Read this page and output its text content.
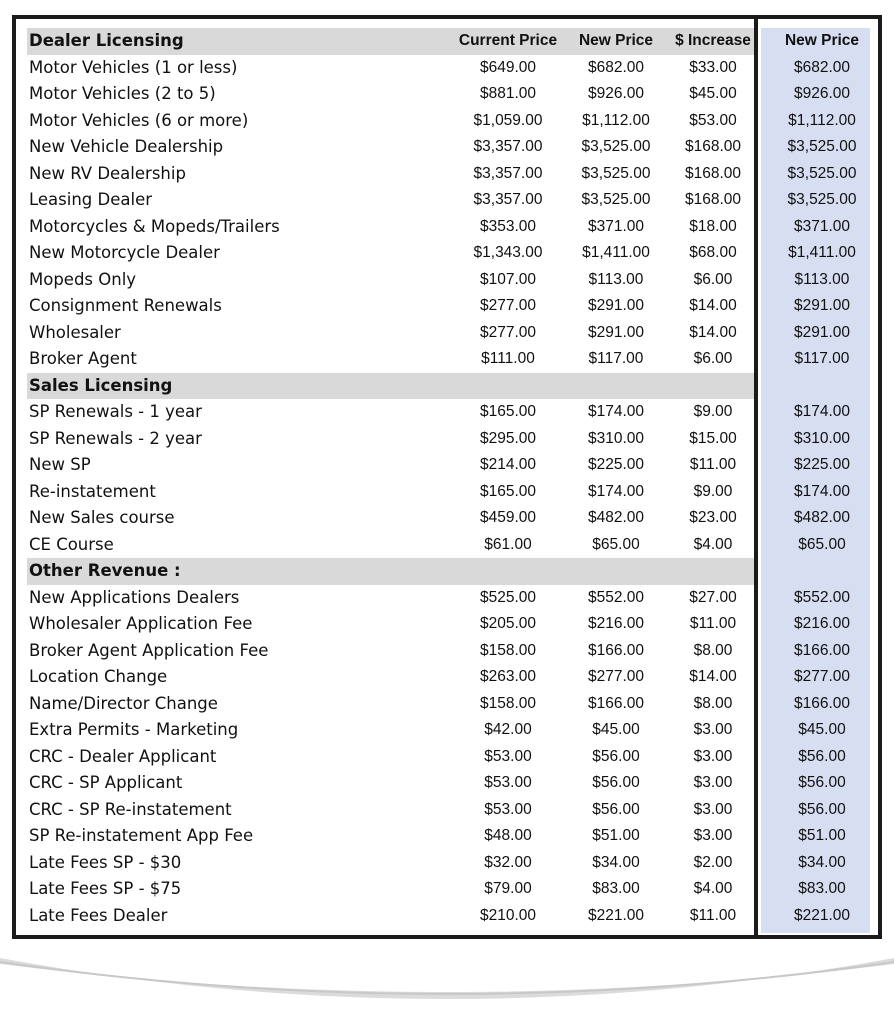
Dealer Licensing	Current Price	New Price	$ Increase	New Price
Motor Vehicles (1 or less)	$649.00	$682.00	$33.00	$682.00
Motor Vehicles (2 to 5)	$881.00	$926.00	$45.00	$926.00
Motor Vehicles (6 or more)	$1,059.00	$1,112.00	$53.00	$1,112.00
New Vehicle Dealership	$3,357.00	$3,525.00	$168.00	$3,525.00
New RV Dealership	$3,357.00	$3,525.00	$168.00	$3,525.00
Leasing Dealer	$3,357.00	$3,525.00	$168.00	$3,525.00
Motorcycles & Mopeds/Trailers	$353.00	$371.00	$18.00	$371.00
New Motorcycle Dealer	$1,343.00	$1,411.00	$68.00	$1,411.00
Mopeds Only	$107.00	$113.00	$6.00	$113.00
Consignment Renewals	$277.00	$291.00	$14.00	$291.00
Wholesaler	$277.00	$291.00	$14.00	$291.00
Broker Agent	$111.00	$117.00	$6.00	$117.00
Sales Licensing
SP Renewals - 1 year	$165.00	$174.00	$9.00	$174.00
SP Renewals - 2 year	$295.00	$310.00	$15.00	$310.00
New SP	$214.00	$225.00	$11.00	$225.00
Re-instatement	$165.00	$174.00	$9.00	$174.00
New Sales course	$459.00	$482.00	$23.00	$482.00
CE Course	$61.00	$65.00	$4.00	$65.00
Other Revenue :
New Applications Dealers	$525.00	$552.00	$27.00	$552.00
Wholesaler Application Fee	$205.00	$216.00	$11.00	$216.00
Broker Agent Application Fee	$158.00	$166.00	$8.00	$166.00
Location Change	$263.00	$277.00	$14.00	$277.00
Name/Director Change	$158.00	$166.00	$8.00	$166.00
Extra Permits - Marketing	$42.00	$45.00	$3.00	$45.00
CRC - Dealer Applicant	$53.00	$56.00	$3.00	$56.00
CRC - SP Applicant	$53.00	$56.00	$3.00	$56.00
CRC - SP Re-instatement	$53.00	$56.00	$3.00	$56.00
SP Re-instatement App Fee	$48.00	$51.00	$3.00	$51.00
Late Fees SP - $30	$32.00	$34.00	$2.00	$34.00
Late Fees SP - $75	$79.00	$83.00	$4.00	$83.00
Late Fees Dealer	$210.00	$221.00	$11.00	$221.00
